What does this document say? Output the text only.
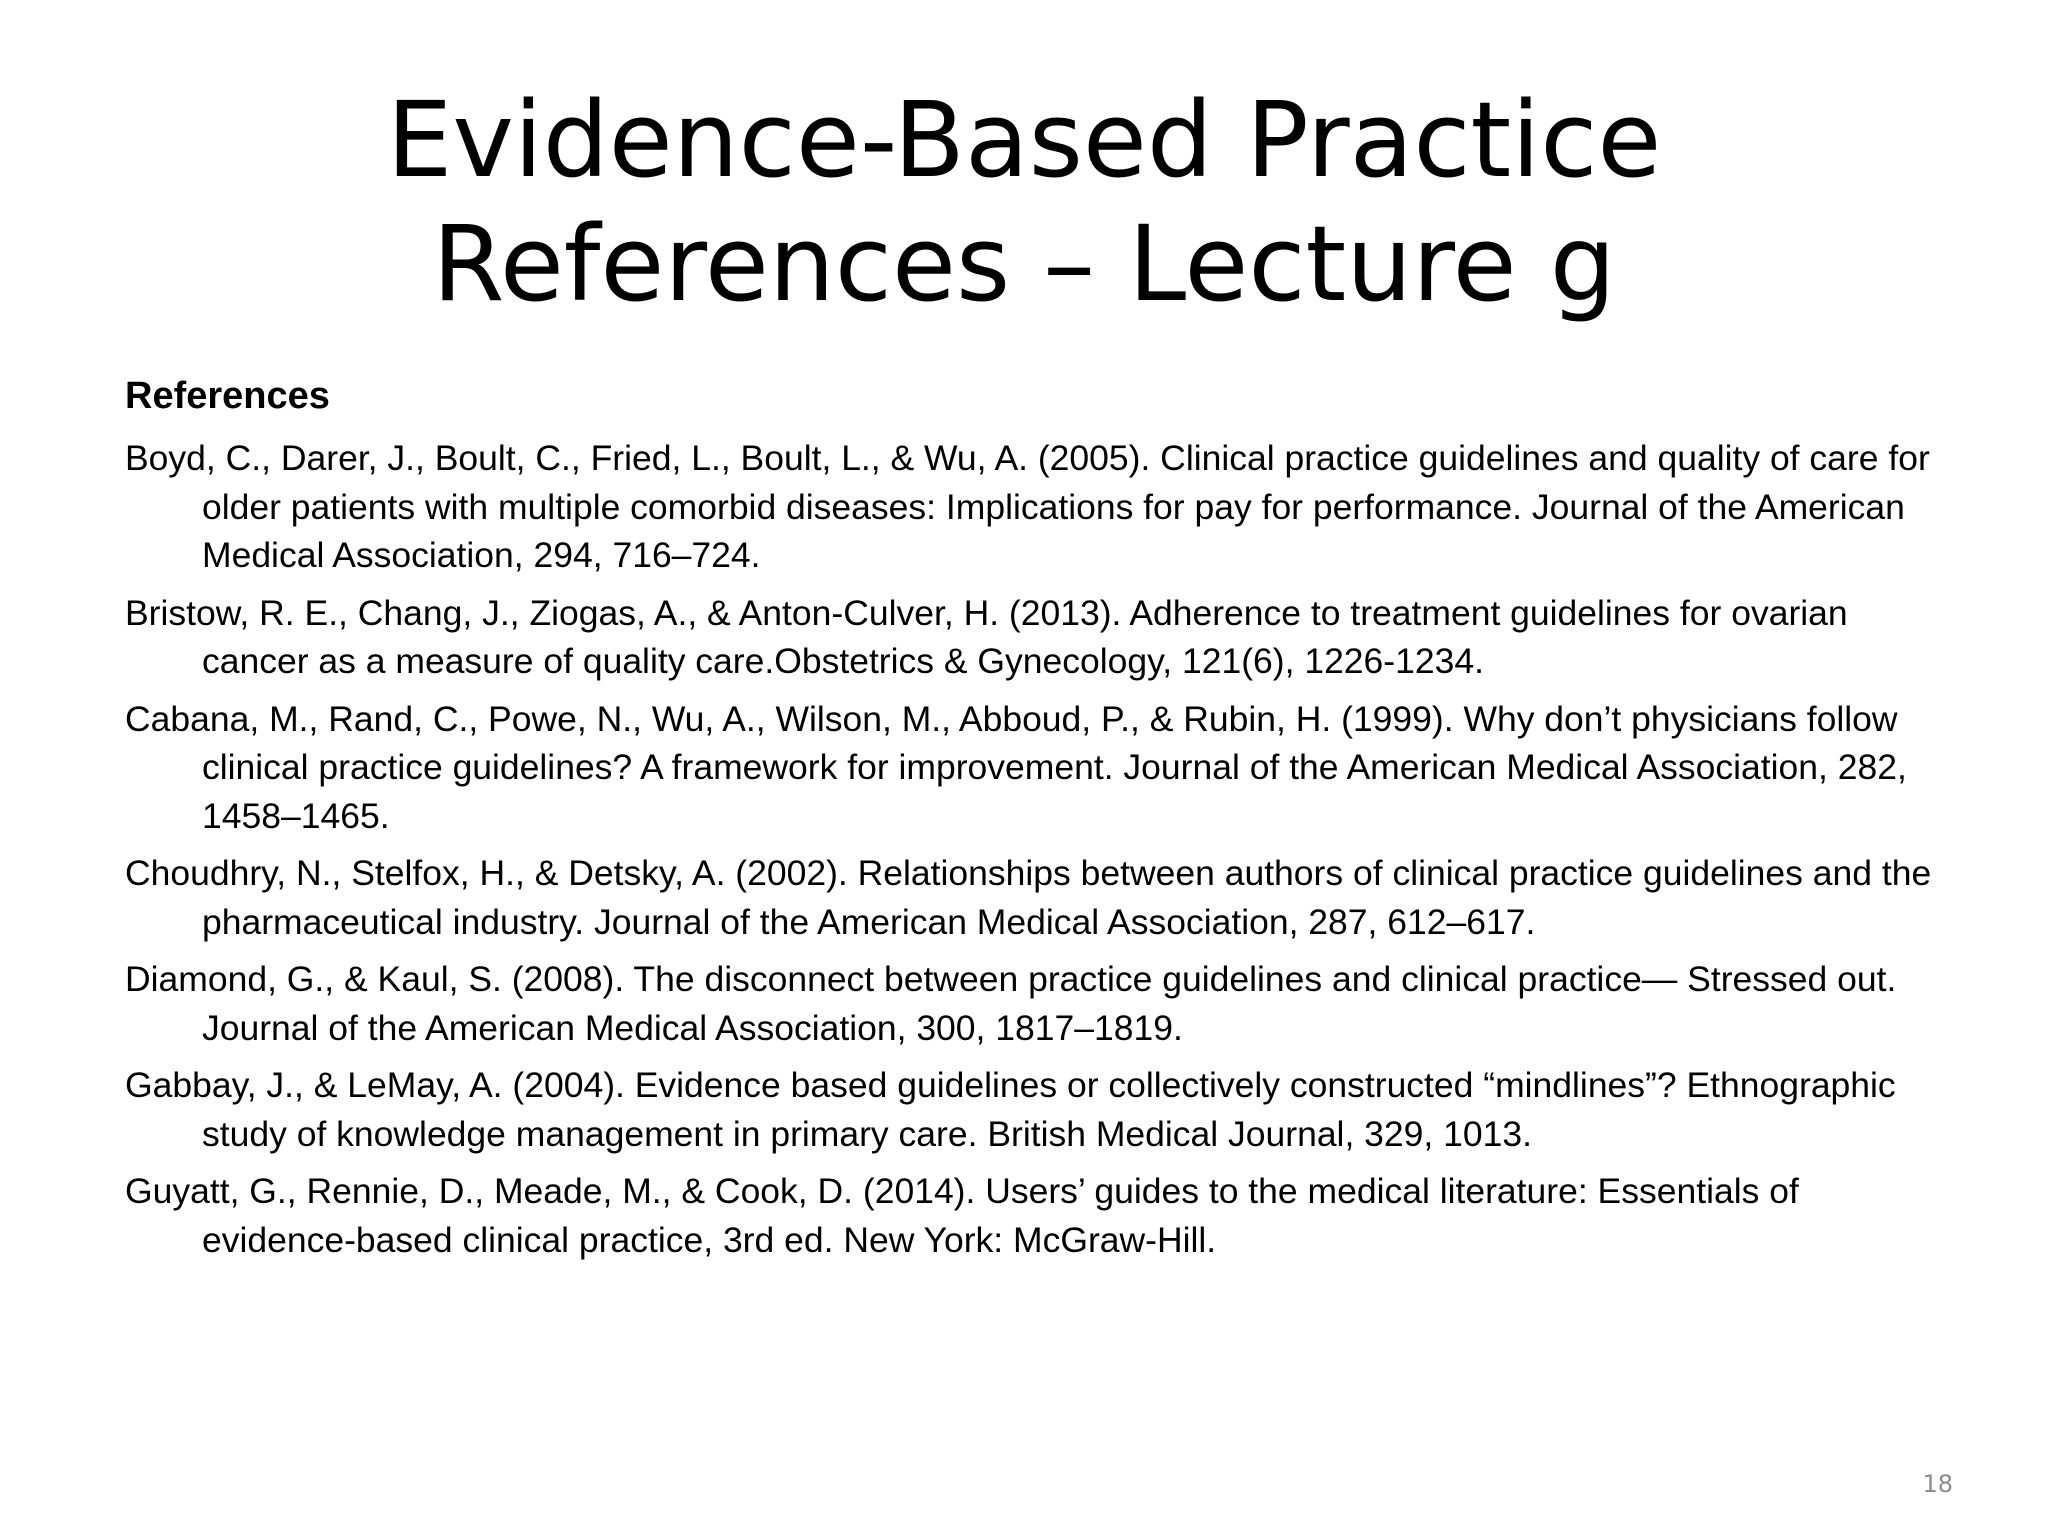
Evidence-Based Practice
References – Lecture g
References
Boyd, C., Darer, J., Boult, C., Fried, L., Boult, L., & Wu, A. (2005). Clinical practice guidelines and quality of care for older patients with multiple comorbid diseases: Implications for pay for performance. Journal of the American Medical Association, 294, 716–724.
Bristow, R. E., Chang, J., Ziogas, A., & Anton-Culver, H. (2013). Adherence to treatment guidelines for ovarian cancer as a measure of quality care.Obstetrics & Gynecology, 121(6), 1226-1234.
Cabana, M., Rand, C., Powe, N., Wu, A., Wilson, M., Abboud, P., & Rubin, H. (1999). Why don’t physicians follow clinical practice guidelines? A framework for improvement. Journal of the American Medical Association, 282, 1458–1465.
Choudhry, N., Stelfox, H., & Detsky, A. (2002). Relationships between authors of clinical practice guidelines and the pharmaceutical industry. Journal of the American Medical Association, 287, 612–617.
Diamond, G., & Kaul, S. (2008). The disconnect between practice guidelines and clinical practice— Stressed out. Journal of the American Medical Association, 300, 1817–1819.
Gabbay, J., & LeMay, A. (2004). Evidence based guidelines or collectively constructed “mindlines”? Ethnographic study of knowledge management in primary care. British Medical Journal, 329, 1013.
Guyatt, G., Rennie, D., Meade, M., & Cook, D. (2014). Users’ guides to the medical literature: Essentials of evidence-based clinical practice, 3rd ed. New York: McGraw-Hill.
18
